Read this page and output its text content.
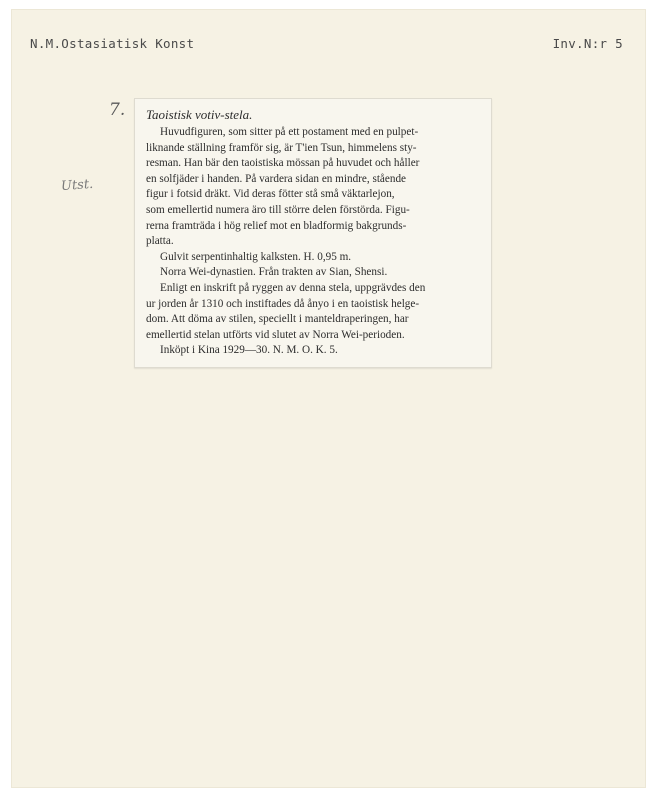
N.M.Ostasiatisk Konst	Inv.N:r 5
7.
Utst.
Taoistisk votiv-stela.
Huvudfiguren, som sitter på ett postament med en pulpet-
liknande ställning framför sig, är T'ien Tsun, himmelens sty-
resman. Han bär den taoistiska mössan på huvudet och håller
en solfjäder i handen. På vardera sidan en mindre, stående
figur i fotsid dräkt. Vid deras fötter stå små väktarlejon,
som emellertid numera äro till större delen förstörda. Figu-
rerna framträda i hög relief mot en bladformig bakgrunds-
platta.
Gulvit serpentinhaltig kalksten. H. 0,95 m.
Norra Wei-dynastien. Från trakten av Sian, Shensi.
Enligt en inskrift på ryggen av denna stela, uppgrävdes den
ur jorden år 1310 och instiftades då ånyo i en taoistisk helge-
dom. Att döma av stilen, speciellt i manteldraperingen, har
emellertid stelan utförts vid slutet av Norra Wei-perioden.
Inköpt i Kina 1929—30. N. M. O. K. 5.
